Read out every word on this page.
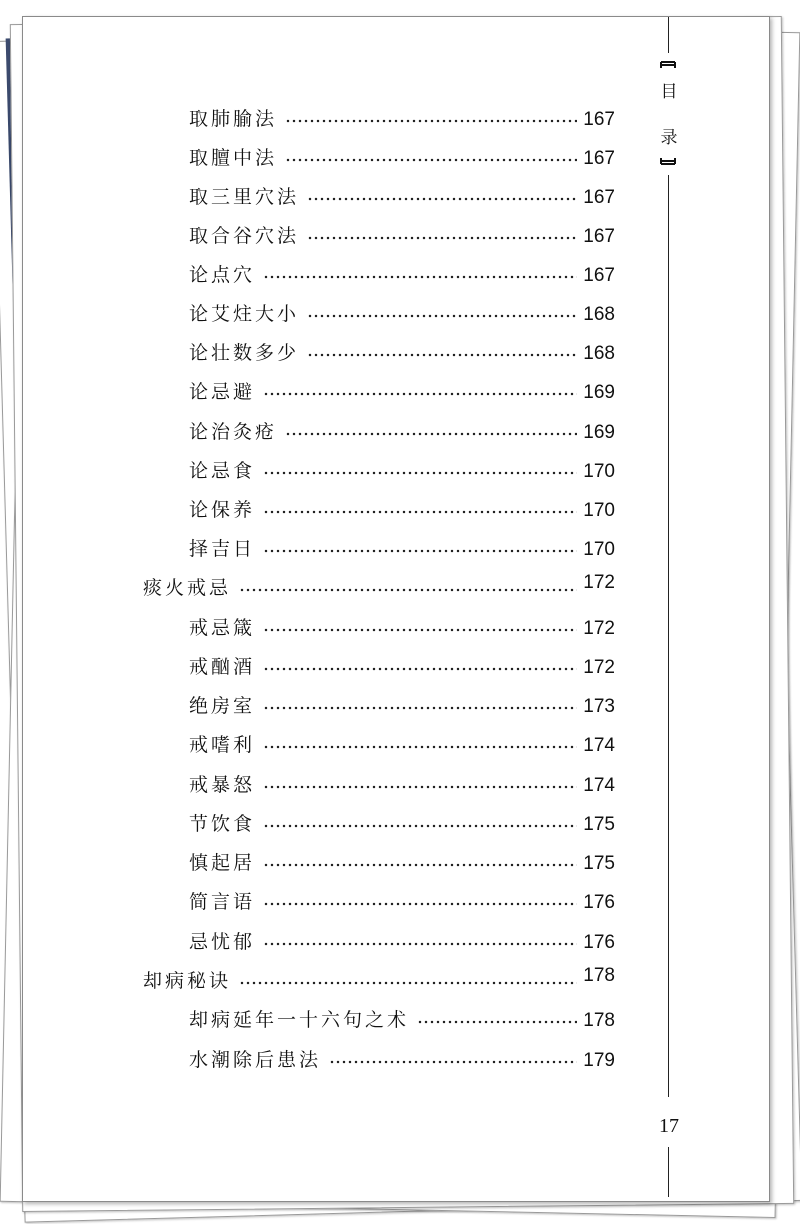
取肺腧法	167
取膻中法	167
取三里穴法	167
取合谷穴法	167
论点穴	167
论艾炷大小	168
论壮数多少	168
论忌避	169
论治灸疮	169
论忌食	170
论保养	170
择吉日	170
痰火戒忌	172
戒忌箴	172
戒酗酒	172
绝房室	173
戒嗜利	174
戒暴怒	174
节饮食	175
慎起居	175
简言语	176
忌忧郁	176
却病秘诀	178
却病延年一十六句之术	178
水潮除后患法	179
目
录
17
